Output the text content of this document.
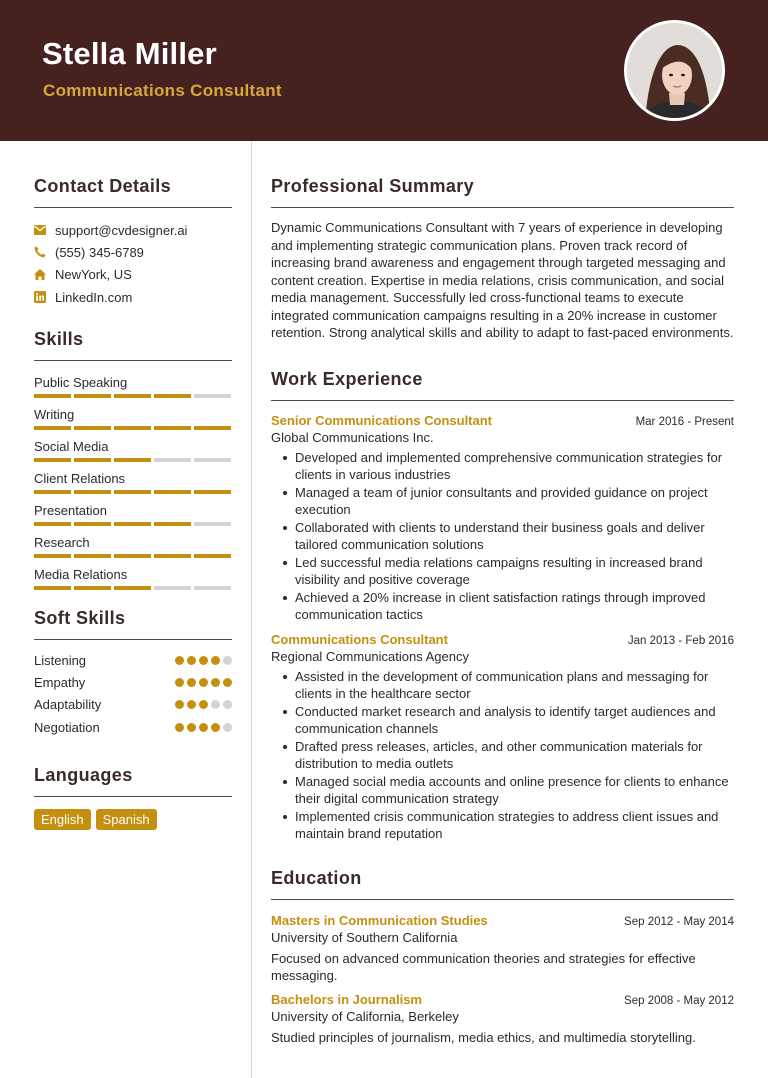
Stella Miller
Communications Consultant
Contact Details
support@cvdesigner.ai
(555) 345-6789
NewYork, US
LinkedIn.com
Skills
Public Speaking
Writing
Social Media
Client Relations
Presentation
Research
Media Relations
Soft Skills
Listening
Empathy
Adaptability
Negotiation
Languages
English	Spanish
Professional Summary
Dynamic Communications Consultant with 7 years of experience in developing and implementing strategic communication plans. Proven track record of increasing brand awareness and engagement through targeted messaging and content creation. Expertise in media relations, crisis communication, and social media management. Successfully led cross-functional teams to execute integrated communication campaigns resulting in a 20% increase in customer retention. Strong analytical skills and ability to adapt to fast-paced environments.
Work Experience
Senior Communications Consultant	Mar 2016 - Present
Global Communications Inc.
Developed and implemented comprehensive communication strategies for clients in various industries
Managed a team of junior consultants and provided guidance on project execution
Collaborated with clients to understand their business goals and deliver tailored communication solutions
Led successful media relations campaigns resulting in increased brand visibility and positive coverage
Achieved a 20% increase in client satisfaction ratings through improved communication tactics
Communications Consultant	Jan 2013 - Feb 2016
Regional Communications Agency
Assisted in the development of communication plans and messaging for clients in the healthcare sector
Conducted market research and analysis to identify target audiences and communication channels
Drafted press releases, articles, and other communication materials for distribution to media outlets
Managed social media accounts and online presence for clients to enhance their digital communication strategy
Implemented crisis communication strategies to address client issues and maintain brand reputation
Education
Masters in Communication Studies	Sep 2012 - May 2014
University of Southern California
Focused on advanced communication theories and strategies for effective messaging.
Bachelors in Journalism	Sep 2008 - May 2012
University of California, Berkeley
Studied principles of journalism, media ethics, and multimedia storytelling.
